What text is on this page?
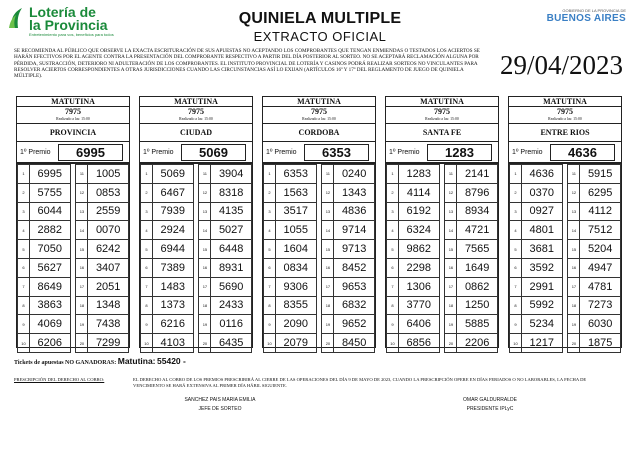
Lotería de
la Provincia
Entretenimiento para vos, beneficios para todos
QUINIELA MULTIPLE
EXTRACTO OFICIAL
GOBIERNO DE LA PROVINCIA DE
BUENOS AIRES
SE RECOMIENDA AL PÚBLICO QUE OBSERVE LA EXACTA ESCRITURACIÓN DE SUS APUESTAS NO ACEPTANDO LOS COMPROBANTES QUE TENGAN ENMIENDAS O TESTADOS LOS ACIERTOS SE HARÁN EFECTIVOS POR EL AGENTE CONTRA LA PRESENTACIÓN DEL COMPROBANTE RESPECTIVO A PARTIR DEL DÍA POSTERIOR AL SORTEO. NO SE ACEPTARÁ RECLAMACIÓN ALGUNA POR PÉRDIDA, SUSTRACCIÓN, DETERIORO NI ADULTERACIÓN DE LOS COMPROBANTES. EL INSTITUTO PROVINCIAL DE LOTERÍA Y CASINOS PODRÁ REALIZAR SORTEOS NO VINCULANTES PARA RESOLVER ACIERTOS CORRESPONDIENTES A OTRAS JURISDICCIONES CUANDO LAS CIRCUNSTANCIAS ASÍ LO EXIJAN (ARTÍCULOS 16º Y 17º DEL REGLAMENTO DE JUEGO DE QUINIELA MÚLTIPLE).	29/04/2023
MATUTINA
7975
Realizado a las: 15:00
PROVINCIA
1º Premio	6995
1	6995		11	1005
2	5755		12	0853
3	6044		13	2559
4	2882		14	0070
5	7050		15	6242
6	5627		16	3407
7	8649		17	2051
8	3863		18	1348
9	4069		19	7438
10	6206		20	7299
MATUTINA
7975
Realizado a las: 15:00
CIUDAD
1º Premio	5069
1	5069		11	3904
2	6467		12	8318
3	7939		13	4135
4	2924		14	5027
5	6944		15	6448
6	7389		16	8931
7	1483		17	5690
8	1373		18	2433
9	6216		19	0116
10	4103		20	6435
MATUTINA
7975
Realizado a las: 15:00
CORDOBA
1º Premio	6353
1	6353		11	0240
2	1563		12	1343
3	3517		13	4836
4	1055		14	9714
5	1604		15	9713
6	0834		16	8452
7	9306		17	9653
8	8355		18	6832
9	2090		19	9652
10	2079		20	8450
MATUTINA
7975
Realizado a las: 15:00
SANTA FE
1º Premio	1283
1	1283		11	2141
2	4114		12	8796
3	6192		13	8934
4	6324		14	4721
5	9862		15	7565
6	2298		16	1649
7	1306		17	0862
8	3770		18	1250
9	6406		19	5885
10	6856		20	2206
MATUTINA
7975
Realizado a las: 15:00
ENTRE RIOS
1º Premio	4636
1	4636		11	5915
2	0370		12	6295
3	0927		13	4112
4	4801		14	7512
5	3681		15	5204
6	3592		16	4947
7	2991		17	4781
8	5992		18	7273
9	5234		19	6030
10	1217		20	1875
Tickets de apuestas NO GANADORAS: Matutina: 55420 -
PRESCRIPCIÓN DEL DERECHO AL COBRO:	EL DERECHO AL COBRO DE LOS PREMIOS PRESCRIBIRÁ AL CIERRE DE LAS OPERACIONES DEL DÍA 9 DE MAYO DE 2023, CUANDO LA PRESCRIPCIÓN OPERE EN DÍAS FERIADOS O NO LABORABLES, LA FECHA DE VENCIMIENTO SE HARÁ EXTENSIVA AL PRIMER DÍA HÁBIL SIGUIENTE.
SANCHEZ PAIS MARIA EMILIA
JEFE DE SORTEO
OMAR GALDURRALDE
PRESIDENTE IPLyC
